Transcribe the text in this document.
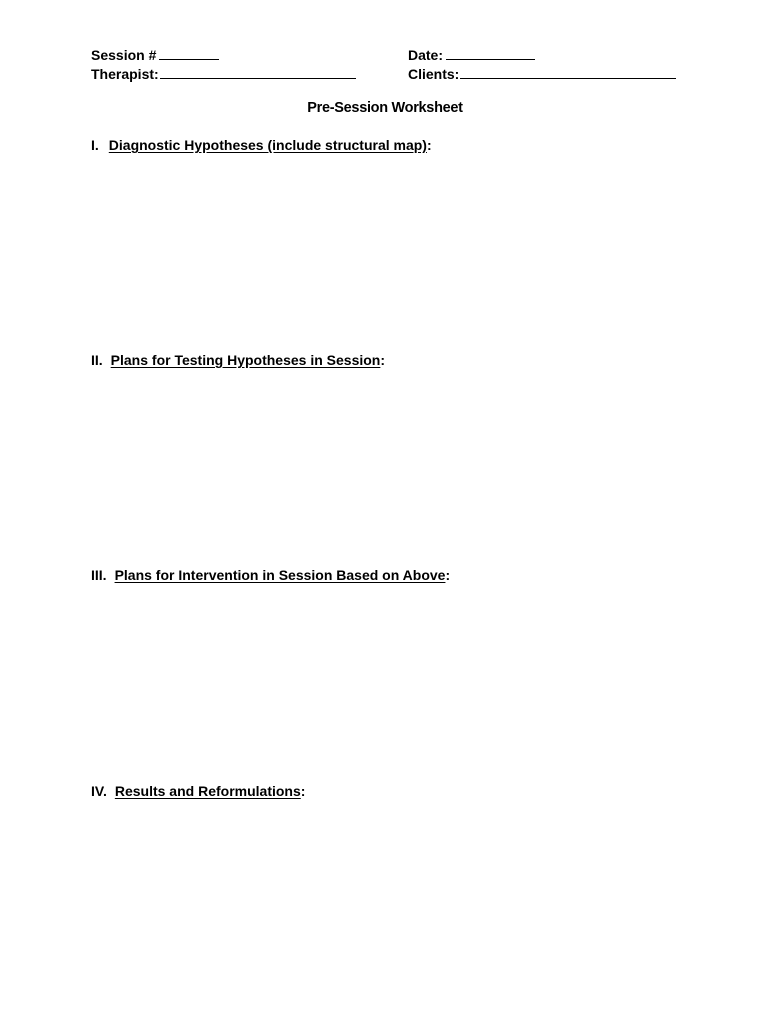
Session #
Therapist:
Date:
Clients:
Pre-Session Worksheet
I. Diagnostic Hypotheses (include structural map):
II. Plans for Testing Hypotheses in Session:
III. Plans for Intervention in Session Based on Above:
IV. Results and Reformulations:
